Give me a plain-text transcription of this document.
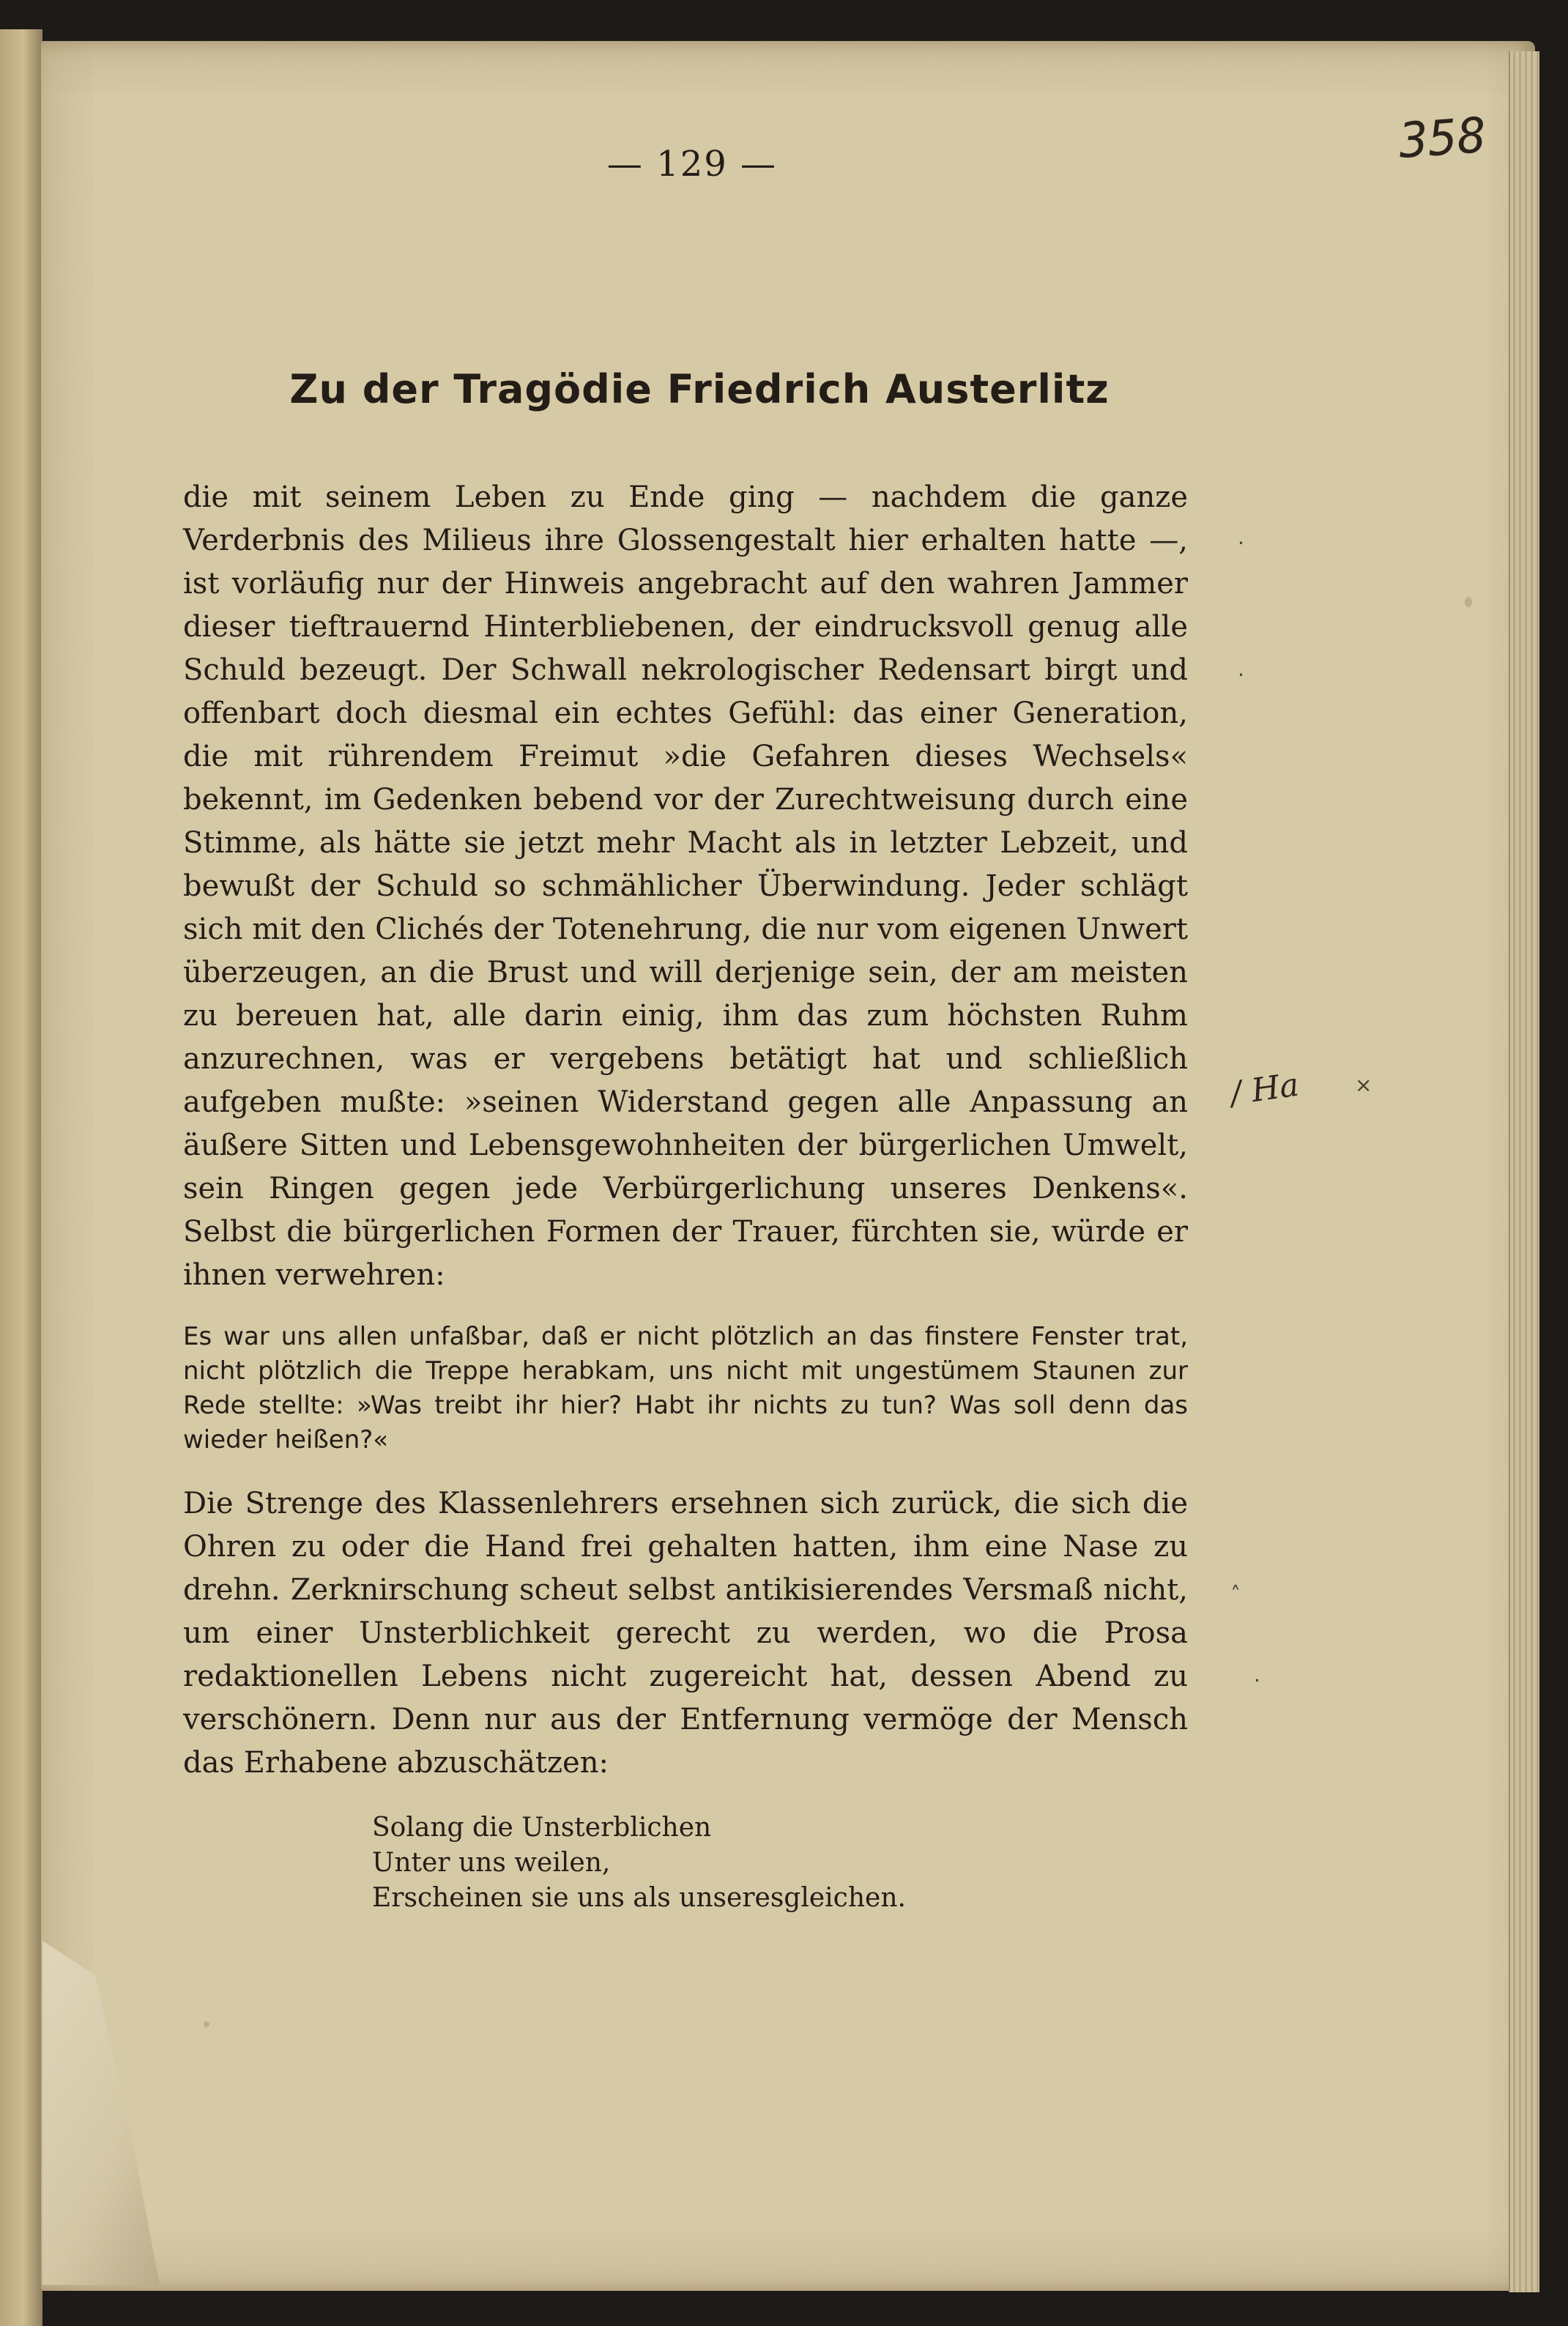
— 129 —	358
Zu der Tragödie Friedrich Austerlitz
die mit seinem Leben zu Ende ging — nachdem die ganze Verderbnis des Milieus ihre Glossengestalt hier erhalten hatte —, ist vorläufig nur der Hinweis angebracht auf den wahren Jammer dieser tieftrauernd Hinterbliebenen, der eindrucksvoll genug alle Schuld bezeugt. Der Schwall nekrologischer Redensart birgt und offenbart doch diesmal ein echtes Gefühl: das einer Generation, die mit rührendem Freimut »die Gefahren dieses Wechsels« bekennt, im Gedenken bebend vor der Zurechtweisung durch eine Stimme, als hätte sie jetzt mehr Macht als in letzter Lebzeit, und bewußt der Schuld so schmählicher Überwindung. Jeder schlägt sich mit den Clichés der Totenehrung, die nur vom eigenen Unwert überzeugen, an die Brust und will derjenige sein, der am meisten zu bereuen hat, alle darin einig, ihm das zum höchsten Ruhm anzurechnen, was er vergebens betätigt hat und schließlich aufgeben mußte: »seinen Widerstand gegen alle Anpassung an äußere Sitten und Lebensgewohnheiten der bürgerlichen Umwelt, sein Ringen gegen jede Verbürgerlichung unseres Denkens«. Selbst die bürgerlichen Formen der Trauer, fürchten sie, würde er ihnen verwehren:
Es war uns allen unfaßbar, daß er nicht plötzlich an das finstere Fenster trat, nicht plötzlich die Treppe herabkam, uns nicht mit ungestümem Staunen zur Rede stellte: »Was treibt ihr hier? Habt ihr nichts zu tun? Was soll denn das wieder heißen?«
Die Strenge des Klassenlehrers ersehnen sich zurück, die sich die Ohren zu oder die Hand frei gehalten hatten, ihm eine Nase zu drehn. Zerknirschung scheut selbst antikisierendes Versmaß nicht, um einer Unsterblichkeit gerecht zu werden, wo die Prosa redaktionellen Lebens nicht zugereicht hat, dessen Abend zu verschönern. Denn nur aus der Entfernung vermöge der Mensch das Erhabene abzuschätzen:
Solang die Unsterblichen
Unter uns weilen,
Erscheinen sie uns als unseresgleichen.
/ Ha	×
·
·
˄
·
